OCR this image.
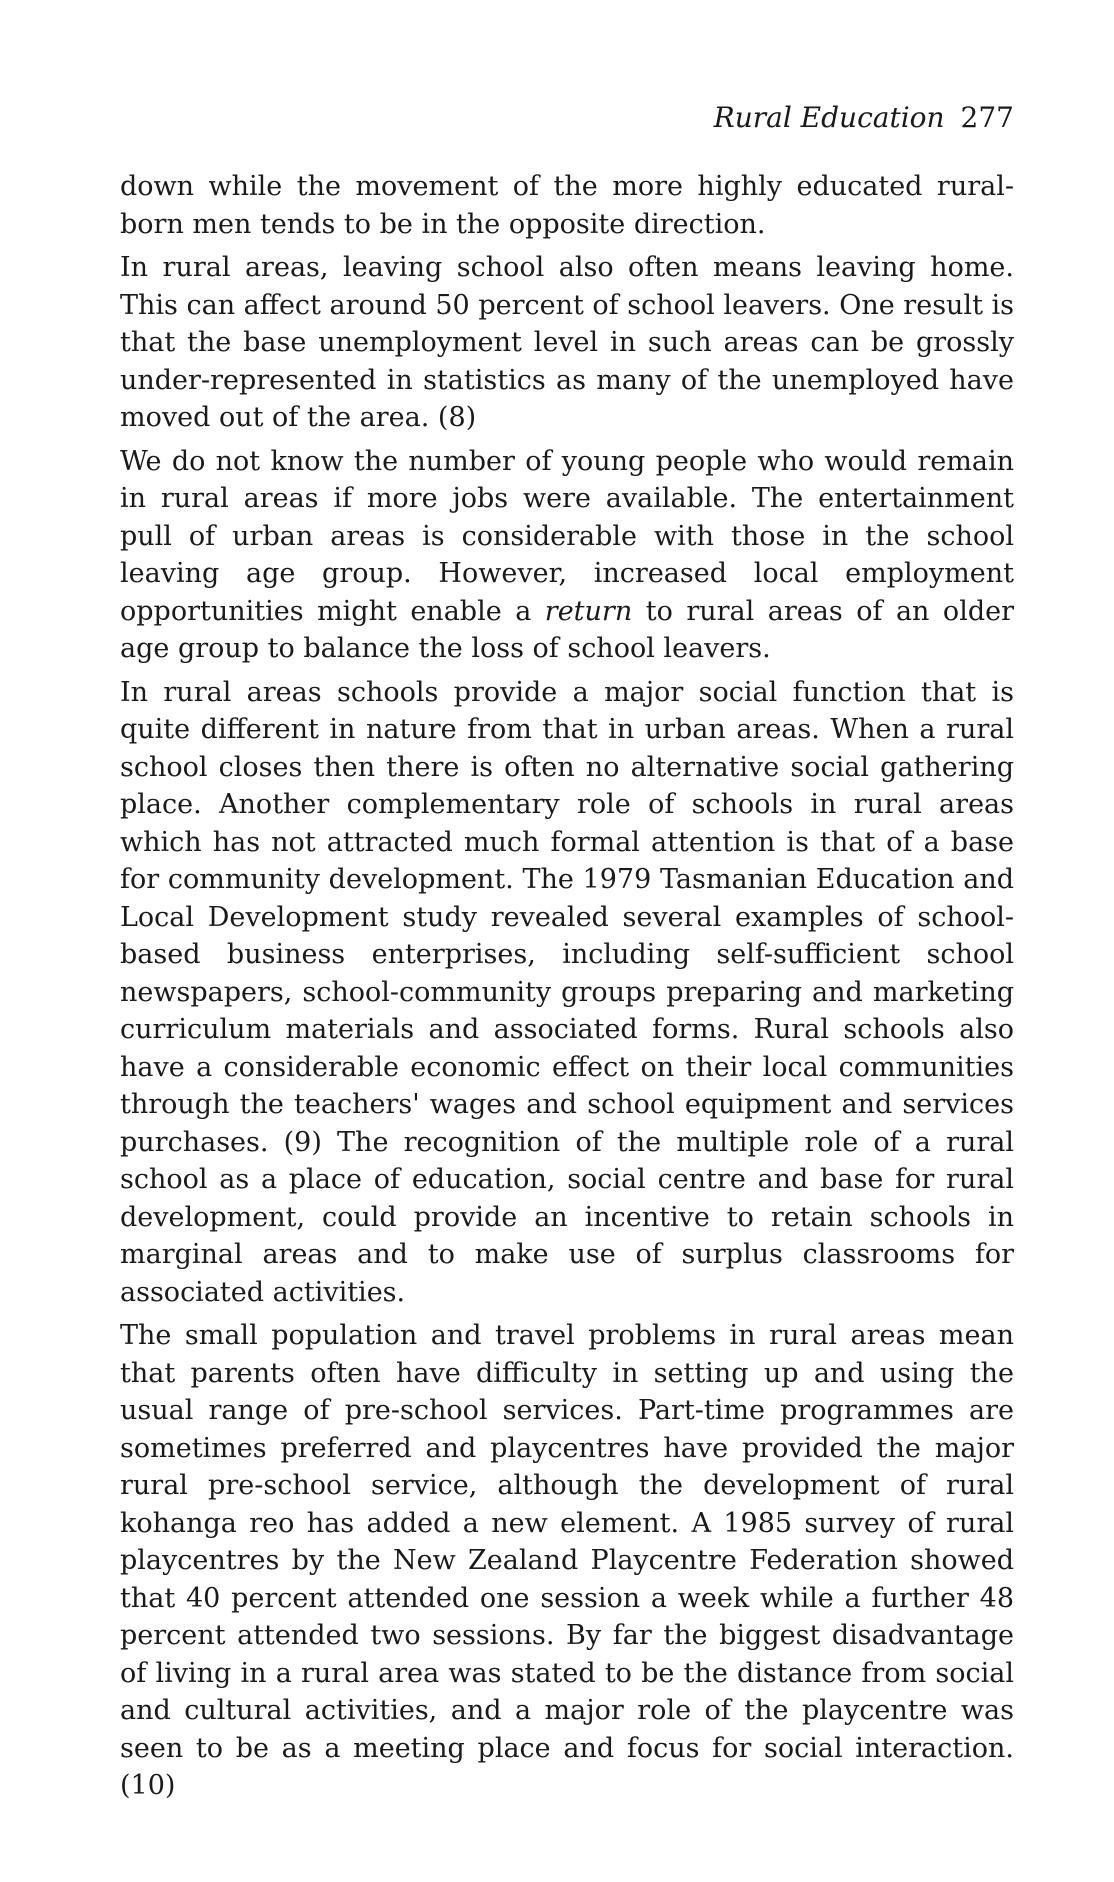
Rural Education 277

down while the movement of the more highly educated rural-born men tends to be in the opposite direction.

In rural areas, leaving school also often means leaving home. This can affect around 50 percent of school leavers. One result is that the base unemployment level in such areas can be grossly under-represented in statistics as many of the unemployed have moved out of the area. (8)

We do not know the number of young people who would remain in rural areas if more jobs were available. The entertainment pull of urban areas is considerable with those in the school leaving age group. However, increased local employment opportunities might enable a return to rural areas of an older age group to balance the loss of school leavers.

In rural areas schools provide a major social function that is quite different in nature from that in urban areas. When a rural school closes then there is often no alternative social gathering place. Another complementary role of schools in rural areas which has not attracted much formal attention is that of a base for community development. The 1979 Tasmanian Education and Local Development study revealed several examples of school-based business enterprises, including self-sufficient school newspapers, school-community groups preparing and marketing curriculum materials and associated forms. Rural schools also have a considerable economic effect on their local communities through the teachers' wages and school equipment and services purchases. (9) The recognition of the multiple role of a rural school as a place of education, social centre and base for rural development, could provide an incentive to retain schools in marginal areas and to make use of surplus classrooms for associated activities.

The small population and travel problems in rural areas mean that parents often have difficulty in setting up and using the usual range of pre-school services. Part-time programmes are sometimes preferred and playcentres have provided the major rural pre-school service, although the development of rural kohanga reo has added a new element. A 1985 survey of rural playcentres by the New Zealand Playcentre Federation showed that 40 percent attended one session a week while a further 48 percent attended two sessions. By far the biggest disadvantage of living in a rural area was stated to be the distance from social and cultural activities, and a major role of the playcentre was seen to be as a meeting place and focus for social interaction. (10)
